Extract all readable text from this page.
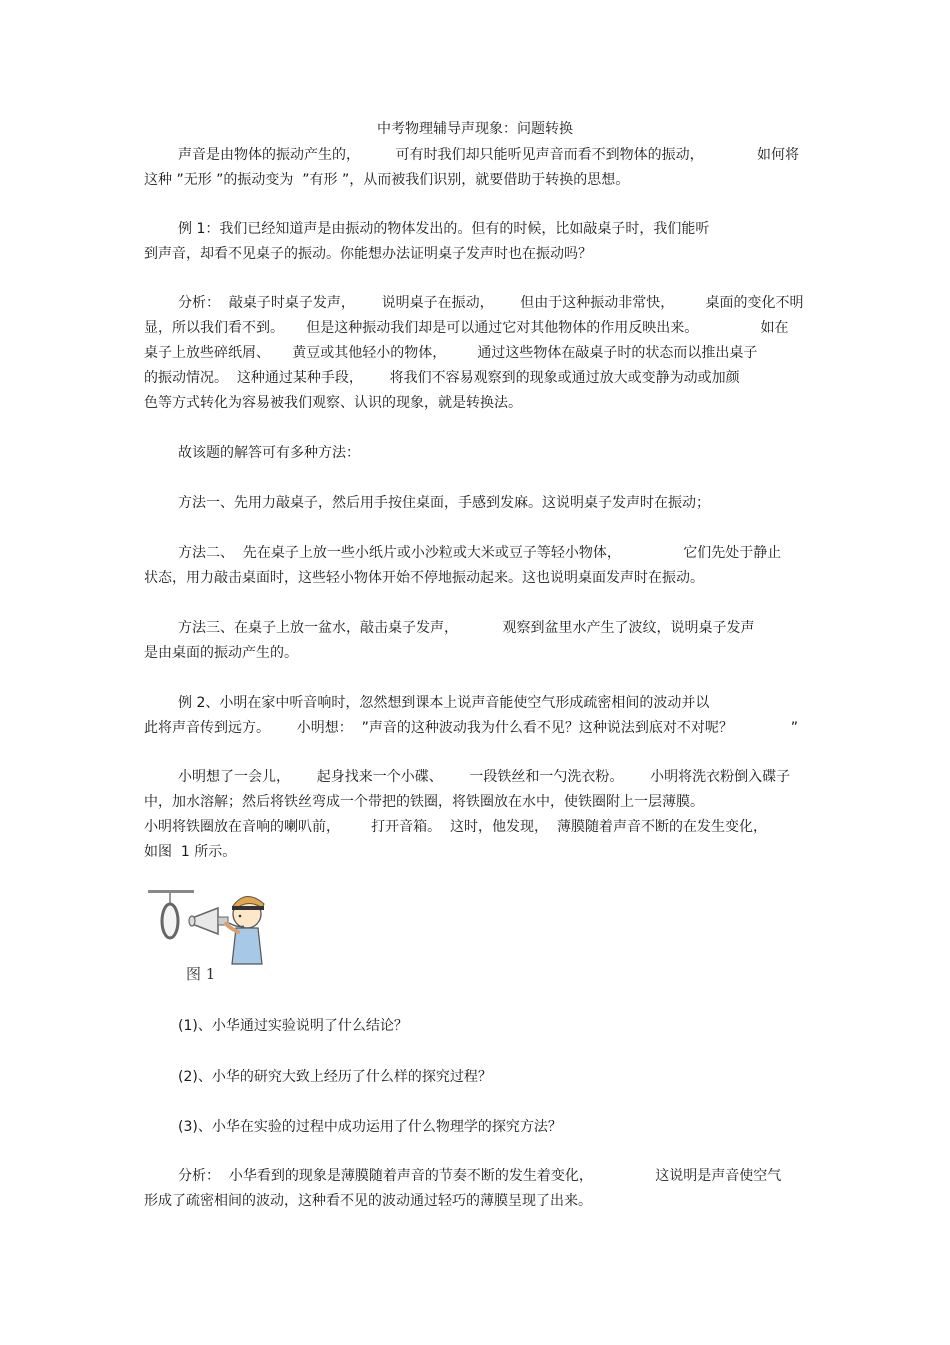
中考物理辅导声现象：问题转换

声音是由物体的振动产生的，        可有时我们却只能听见声音而看不到物体的振动，            如何将

这种 ”无形 ”的振动变为  ”有形 ”，从而被我们识别，就要借助于转换的思想。

例 1：我们已经知道声是由振动的物体发出的。但有的时候，比如敲桌子时，我们能听

到声音，却看不见桌子的振动。你能想办法证明桌子发声时也在振动吗？

分析：  敲桌子时桌子发声，      说明桌子在振动，      但由于这种振动非常快，       桌面的变化不明

显，所以我们看不到。     但是这种振动我们却是可以通过它对其他物体的作用反映出来。              如在

桌子上放些碎纸屑、     黄豆或其他轻小的物体，       通过这些物体在敲桌子时的状态而以推出桌子

的振动情况。  这种通过某种手段，      将我们不容易观察到的现象或通过放大或变静为动或加颜

色等方式转化为容易被我们观察、认识的现象，就是转换法。

故该题的解答可有多种方法：

方法一、先用力敲桌子，然后用手按住桌面，手感到发麻。这说明桌子发声时在振动；

方法二、  先在桌子上放一些小纸片或小沙粒或大米或豆子等轻小物体，              它们先处于静止

状态，用力敲击桌面时，这些轻小物体开始不停地振动起来。这也说明桌面发声时在振动。

方法三、在桌子上放一盆水，敲击桌子发声，          观察到盆里水产生了波纹，说明桌子发声

是由桌面的振动产生的。

例 2、小明在家中听音响时，忽然想到课本上说声音能使空气形成疏密相间的波动并以

此将声音传到远方。      小明想：  ”声音的这种波动我为什么看不见？这种说法到底对不对呢？             ”

小明想了一会儿，      起身找来一个小碟、      一段铁丝和一勺洗衣粉。      小明将洗衣粉倒入碟子

中，加水溶解；然后将铁丝弯成一个带把的铁圈，将铁圈放在水中，使铁圈附上一层薄膜。

小明将铁圈放在音响的喇叭前，       打开音箱。  这时，他发现，  薄膜随着声音不断的在发生变化，

如图  1 所示。

图 1

(1)、小华通过实验说明了什么结论？

(2)、小华的研究大致上经历了什么样的探究过程？

(3)、小华在实验的过程中成功运用了什么物理学的探究方法？

分析：  小华看到的现象是薄膜随着声音的节奏不断的发生着变化，              这说明是声音使空气

形成了疏密相间的波动，这种看不见的波动通过轻巧的薄膜呈现了出来。
